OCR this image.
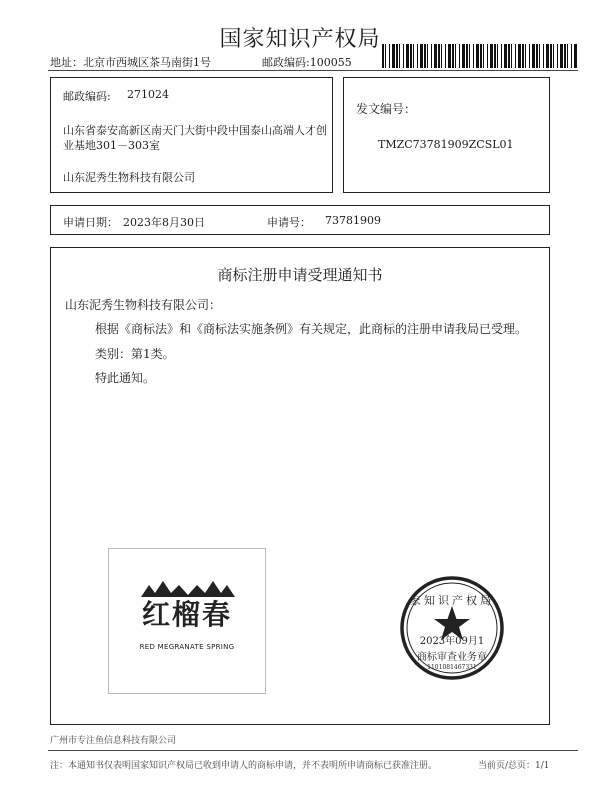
国家知识产权局
地址：北京市西城区茶马南街1号	邮政编码:100055
邮政编码: 271024
山东省泰安高新区南天门大街中段中国泰山高端人才创
业基地301－303室
山东泥秀生物科技有限公司
发文编号：
TMZC73781909ZCSL01
申请日期： 2023年8月30日	申请号： 73781909
商标注册申请受理通知书
山东泥秀生物科技有限公司：
根据《商标法》和《商标法实施条例》有关规定，此商标的注册申请我局已受理。
类别：第1类。
特此通知。
红榴春
RED MEGRANATE SPRING
家知识产权局
2023年09月1
商标审查业务章
1101081467331
广州市专注鱼信息科技有限公司
注：本通知书仅表明国家知识产权局已收到申请人的商标申请，并不表明所申请商标已获准注册。	当前页/总页：1/1
